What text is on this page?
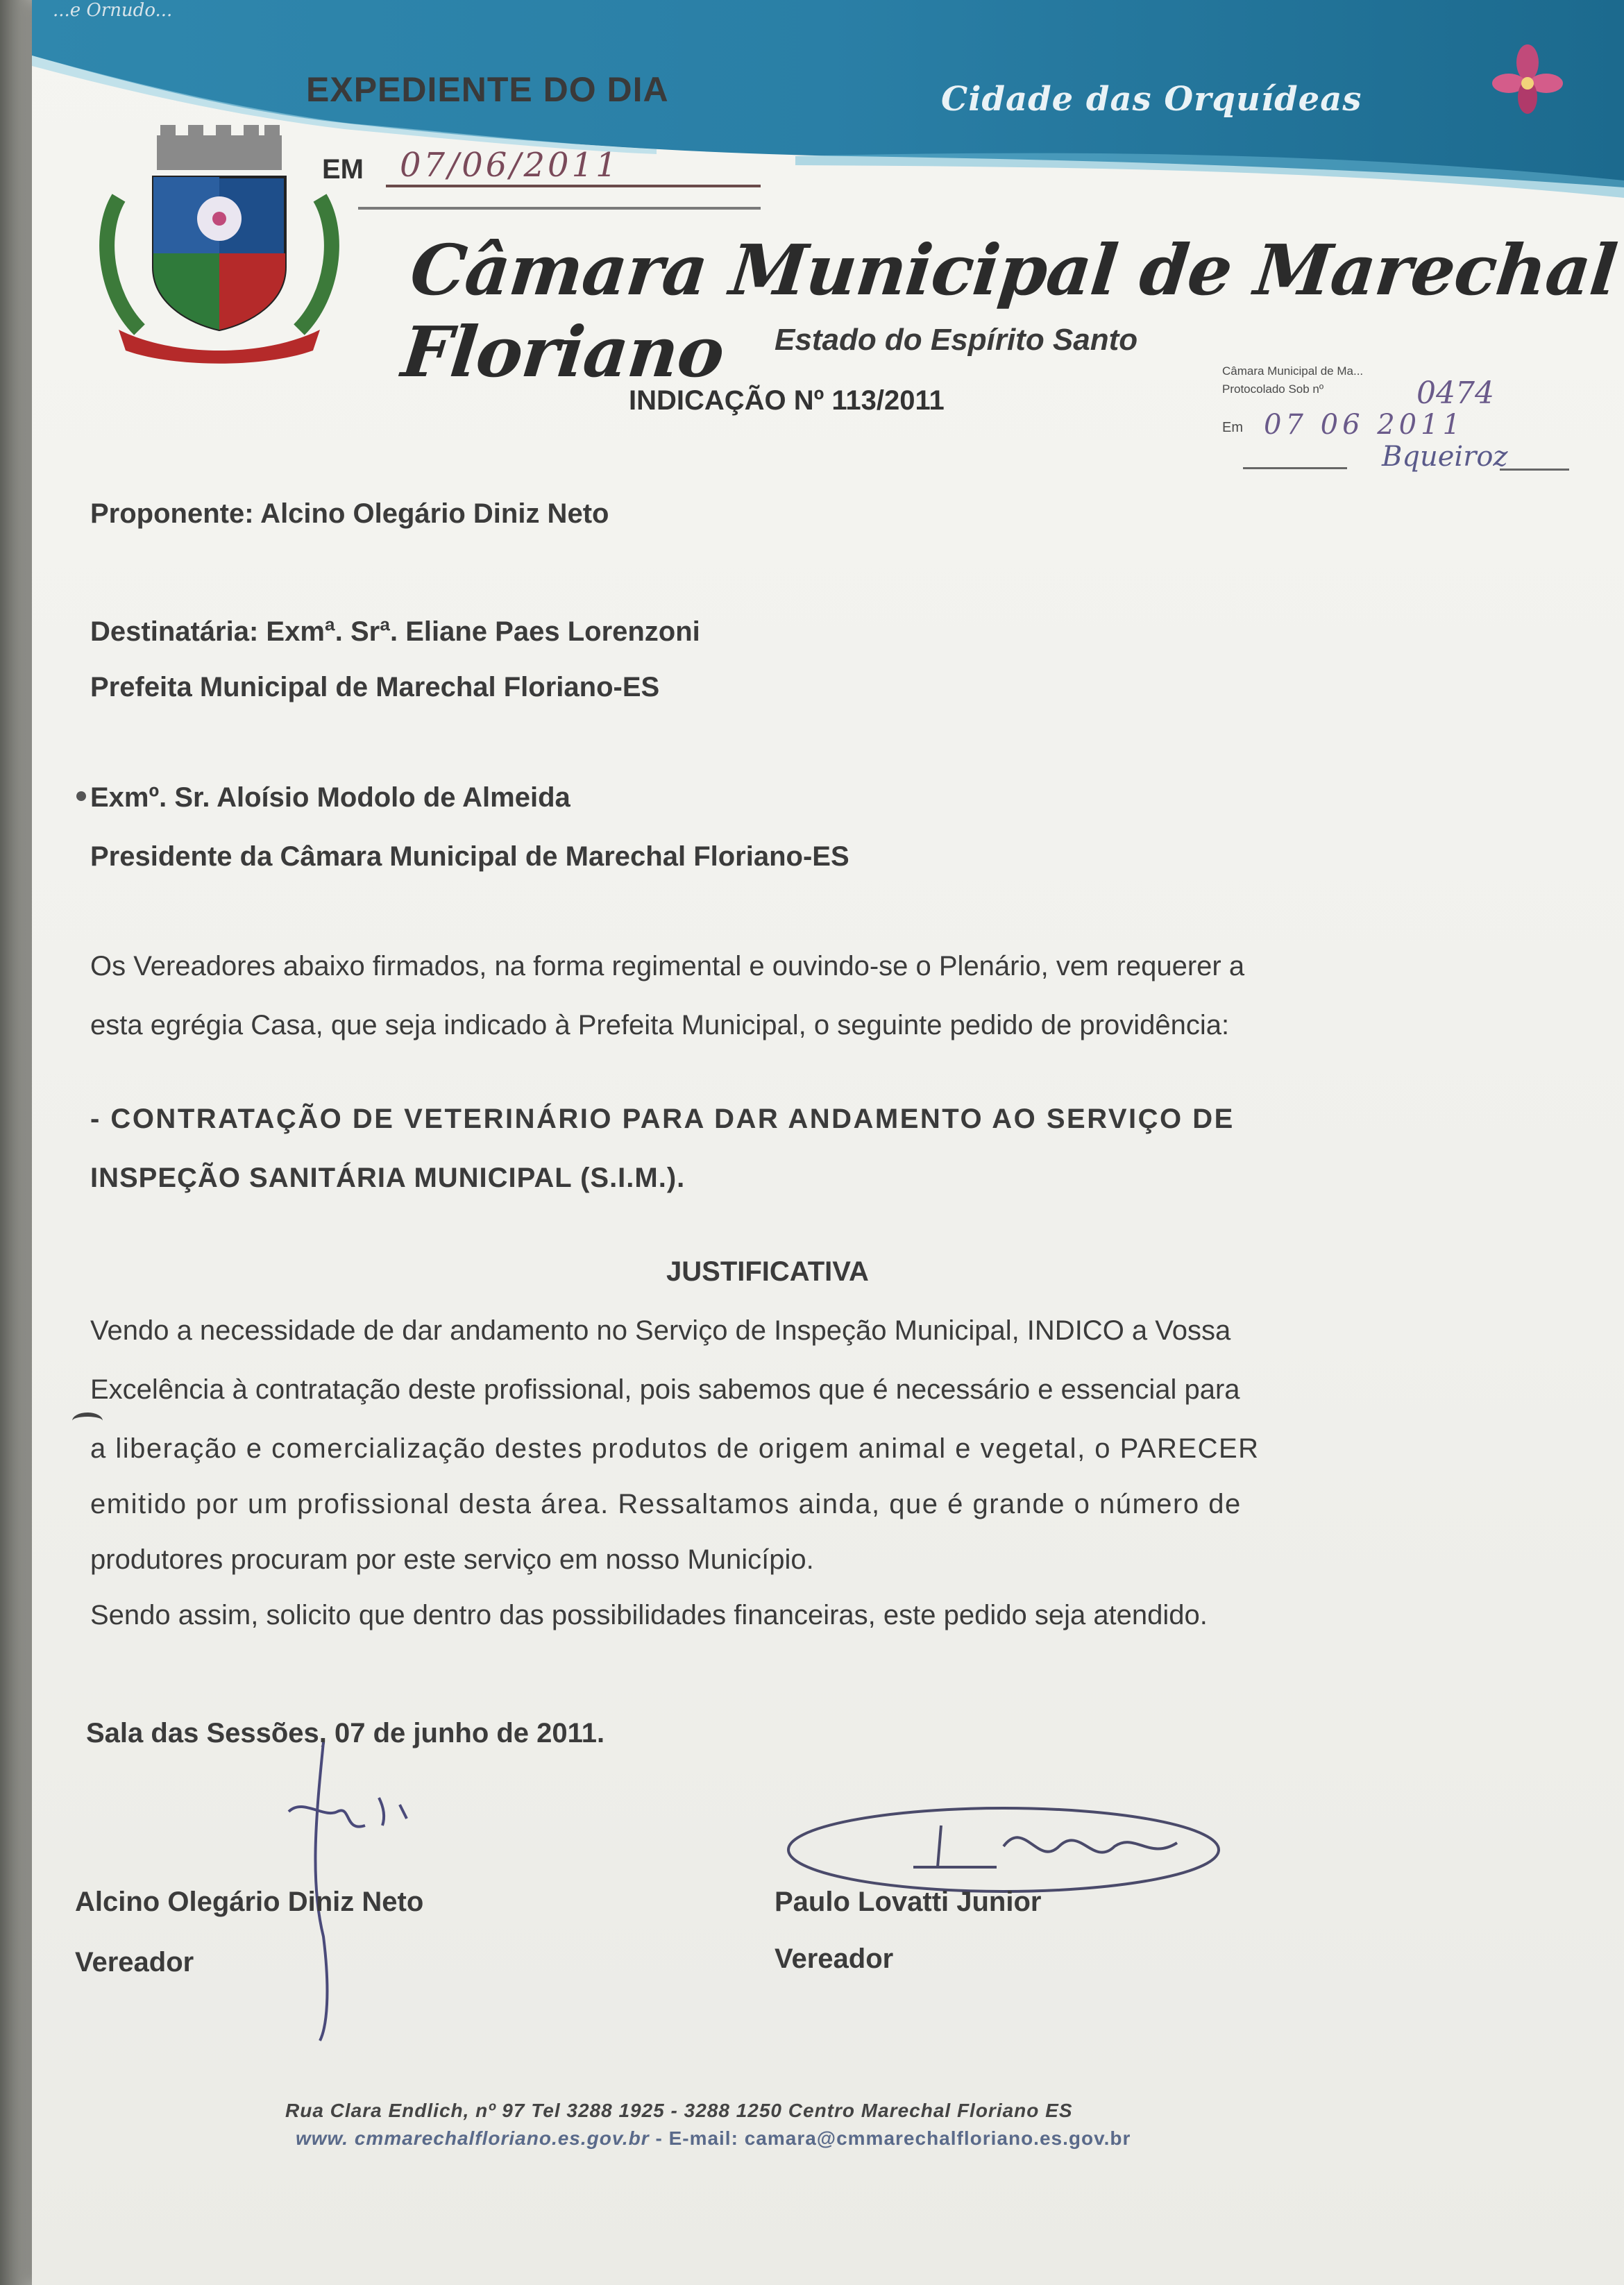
...e Ornudo...
EXPEDIENTE DO DIA
EM	07/06/2011
Cidade das Orquídeas
Câmara Municipal de Marechal Floriano	Estado do Espírito Santo
INDICAÇÃO Nº 113/2011
Câmara Municipal de Ma...
Protocolado Sob nº	0474
Em 07 06 2011
Bqueiroz
Proponente: Alcino Olegário Diniz Neto
Destinatária: Exmª. Srª. Eliane Paes Lorenzoni
Prefeita Municipal de Marechal Floriano-ES
Exmº. Sr. Aloísio Modolo de Almeida
Presidente da Câmara Municipal de Marechal Floriano-ES
Os Vereadores abaixo firmados, na forma regimental e ouvindo-se o Plenário, vem requerer a
esta egrégia Casa, que seja indicado à Prefeita Municipal, o seguinte pedido de providência:
- CONTRATAÇÃO DE VETERINÁRIO PARA DAR ANDAMENTO AO SERVIÇO DE
INSPEÇÃO SANITÁRIA MUNICIPAL (S.I.M.).
JUSTIFICATIVA
Vendo a necessidade de dar andamento no Serviço de Inspeção Municipal, INDICO a Vossa
Excelência à contratação deste profissional, pois sabemos que é necessário e essencial para
a liberação e comercialização destes produtos de origem animal e vegetal, o PARECER
emitido por um profissional desta área. Ressaltamos ainda, que é grande o número de
produtores procuram por este serviço em nosso Município.
Sendo assim, solicito que dentro das possibilidades financeiras, este pedido seja atendido.
Sala das Sessões, 07 de junho de 2011.
Alcino Olegário Diniz Neto
Vereador
Paulo Lovatti Junior
Vereador
Rua Clara Endlich, nº 97 Tel 3288 1925 - 3288 1250 Centro Marechal Floriano ES
www. cmmarechalfloriano.es.gov.br - E-mail: camara@cmmarechalfloriano.es.gov.br
